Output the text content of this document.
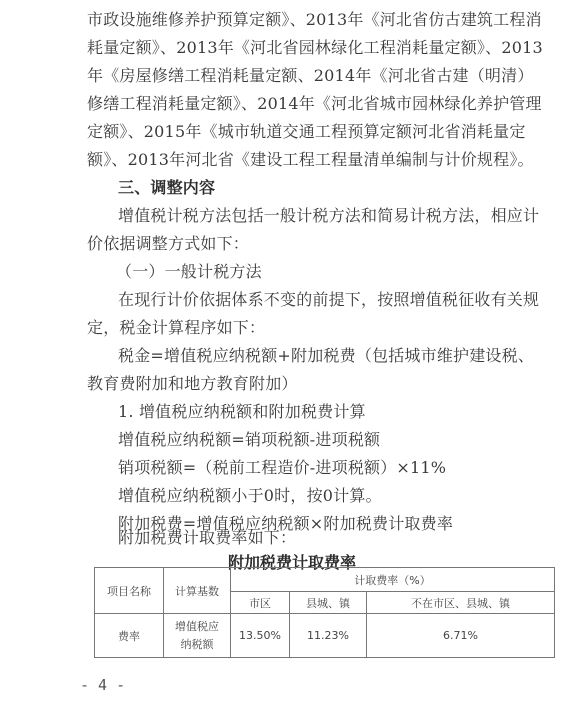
市政设施维修养护预算定额》、2013年《河北省仿古建筑工程消
耗量定额》、2013年《河北省园林绿化工程消耗量定额》、2013
年《房屋修缮工程消耗量定额、2014年《河北省古建（明清）
修缮工程消耗量定额》、2014年《河北省城市园林绿化养护管理
定额》、2015年《城市轨道交通工程预算定额河北省消耗量定
额》、2013年河北省《建设工程工程量清单编制与计价规程》。
三、调整内容
增值税计税方法包括一般计税方法和简易计税方法，相应计
价依据调整方式如下：
（一）一般计税方法
在现行计价依据体系不变的前提下，按照增值税征收有关规
定，税金计算程序如下：
税金=增值税应纳税额+附加税费（包括城市维护建设税、
教育费附加和地方教育附加）
1. 增值税应纳税额和附加税费计算
增值税应纳税额=销项税额-进项税额
销项税额=（税前工程造价-进项税额）×11%
增值税应纳税额小于0时，按0计算。
附加税费=增值税应纳税额×附加税费计取费率
附加税费计取费率如下：
附加税费计取费率
项目名称	计算基数	计取费率（%）		
		市区	县城、镇	不在市区、县城、镇
费率	增值税应纳税额	13.50%	11.23%	6.71%
- 4 -
